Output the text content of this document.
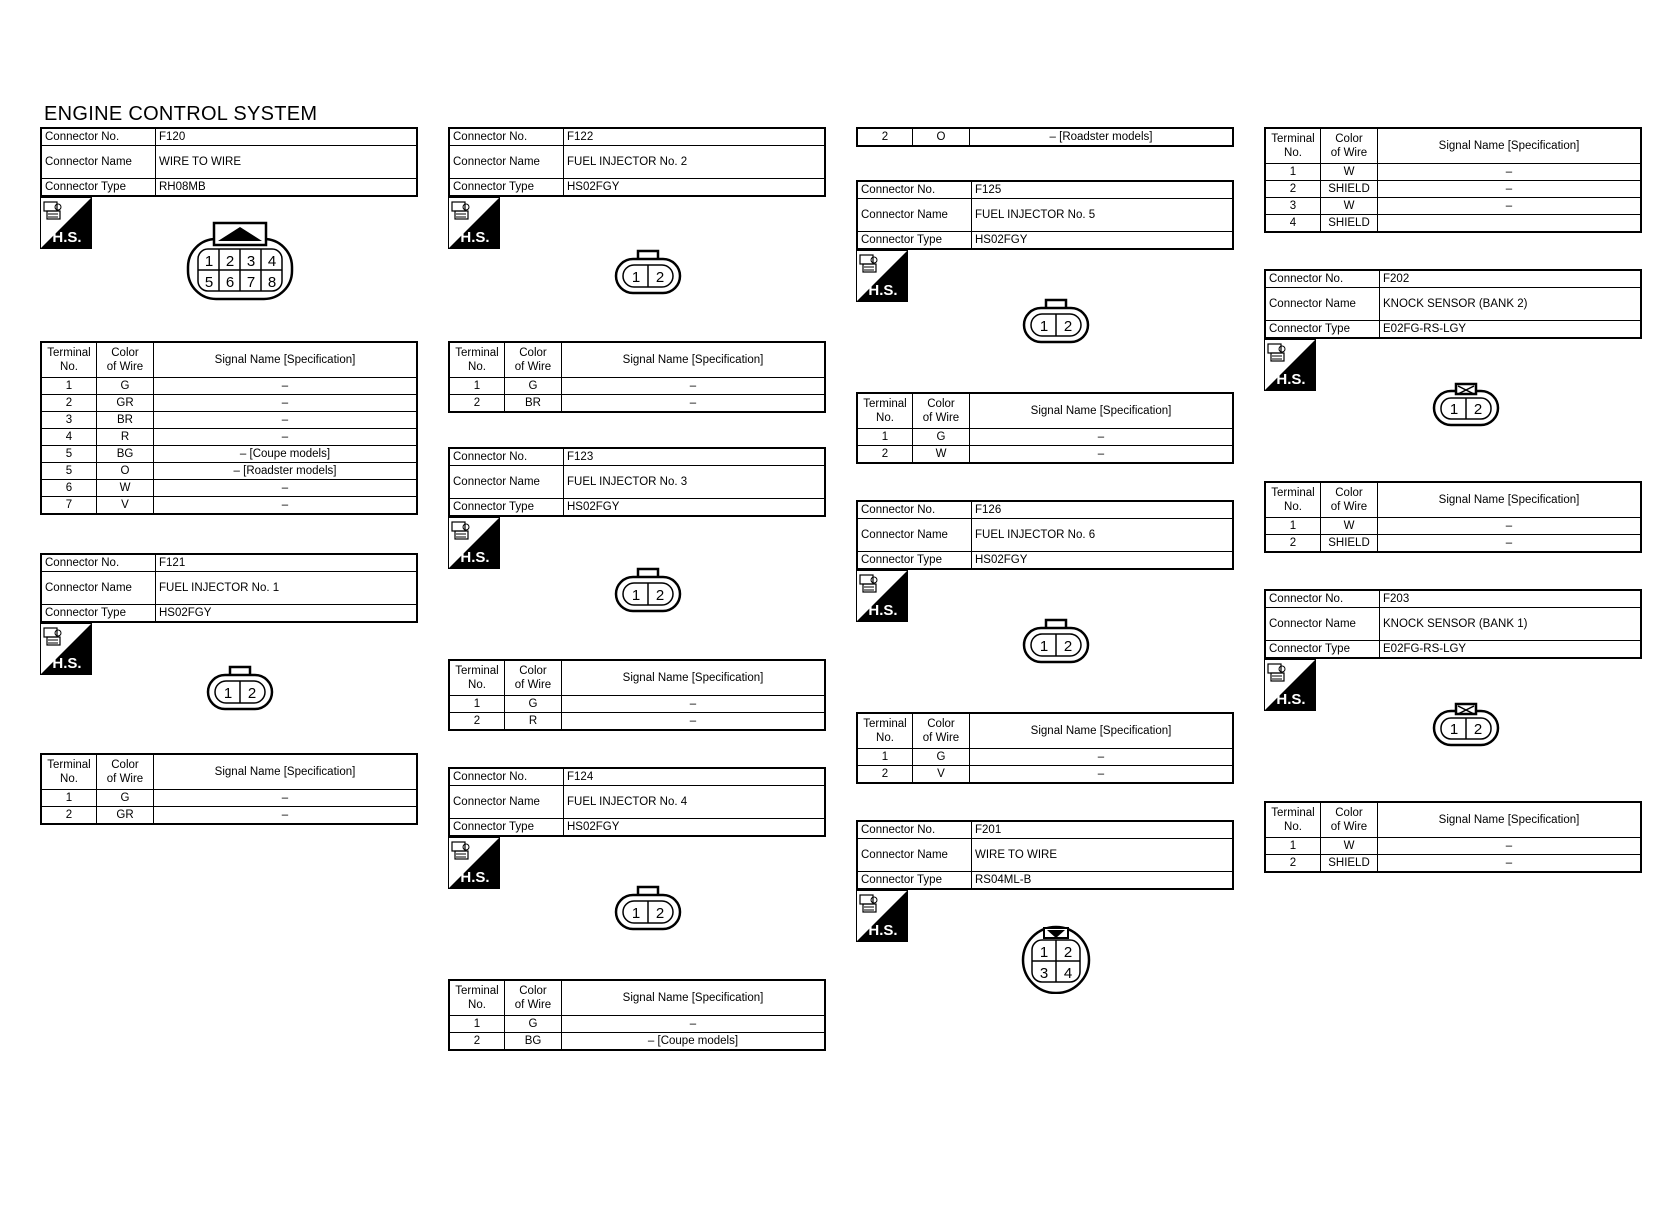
ENGINE CONTROL SYSTEM
Connector No.	F120
Connector Name	WIRE TO WIRE
Connector Type	RH08MB
Terminal
No.	Color
of Wire	Signal Name [Specification]
1	G	–
2	GR	–
3	BR	–
4	R	–
5	BG	– [Coupe models]
5	O	– [Roadster models]
6	W	–
7	V	–
Connector No.	F121
Connector Name	FUEL INJECTOR No. 1
Connector Type	HS02FGY
Terminal
No.	Color
of Wire	Signal Name [Specification]
1	G	–
2	GR	–
Connector No.	F122
Connector Name	FUEL INJECTOR No. 2
Connector Type	HS02FGY
Terminal
No.	Color
of Wire	Signal Name [Specification]
1	G	–
2	BR	–
Connector No.	F123
Connector Name	FUEL INJECTOR No. 3
Connector Type	HS02FGY
Terminal
No.	Color
of Wire	Signal Name [Specification]
1	G	–
2	R	–
Connector No.	F124
Connector Name	FUEL INJECTOR No. 4
Connector Type	HS02FGY
Terminal
No.	Color
of Wire	Signal Name [Specification]
1	G	–
2	BG	– [Coupe models]
2	O	– [Roadster models]
Connector No.	F125
Connector Name	FUEL INJECTOR No. 5
Connector Type	HS02FGY
Terminal
No.	Color
of Wire	Signal Name [Specification]
1	G	–
2	W	–
Connector No.	F126
Connector Name	FUEL INJECTOR No. 6
Connector Type	HS02FGY
Terminal
No.	Color
of Wire	Signal Name [Specification]
1	G	–
2	V	–
Connector No.	F201
Connector Name	WIRE TO WIRE
Connector Type	RS04ML-B
Terminal
No.	Color
of Wire	Signal Name [Specification]
1	W	–
2	SHIELD	–
3	W	–
4	SHIELD	
Connector No.	F202
Connector Name	KNOCK SENSOR (BANK 2)
Connector Type	E02FG-RS-LGY
Terminal
No.	Color
of Wire	Signal Name [Specification]
1	W	–
2	SHIELD	–
Connector No.	F203
Connector Name	KNOCK SENSOR (BANK 1)
Connector Type	E02FG-RS-LGY
Terminal
No.	Color
of Wire	Signal Name [Specification]
1	W	–
2	SHIELD	–
